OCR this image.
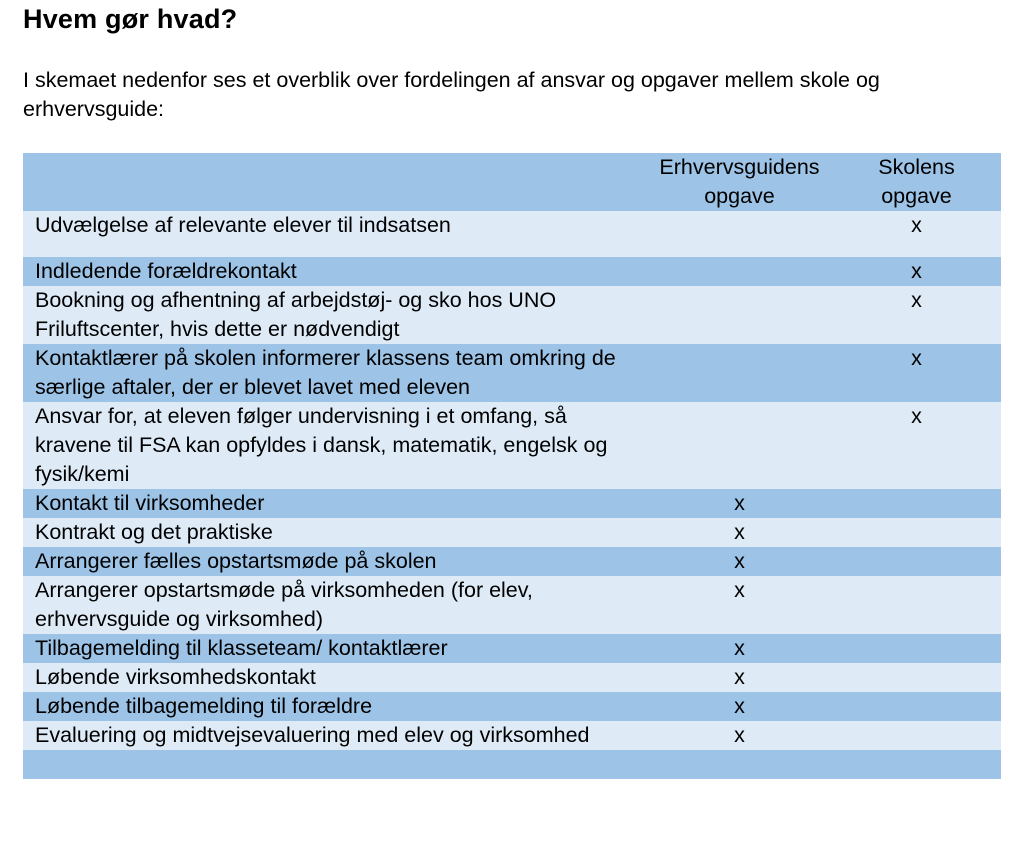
Hvem gør hvad?

I skemaet nedenfor ses et overblik over fordelingen af ansvar og opgaver mellem skole og erhvervsguide:

	Erhvervsguidens opgave	Skolens opgave
Udvælgelse af relevante elever til indsatsen		x
Indledende forældrekontakt		x
Bookning og afhentning af arbejdstøj- og sko hos UNO Friluftscenter, hvis dette er nødvendigt		x
Kontaktlærer på skolen informerer klassens team omkring de særlige aftaler, der er blevet lavet med eleven		x
Ansvar for, at eleven følger undervisning i et omfang, så kravene til FSA kan opfyldes i dansk, matematik, engelsk og fysik/kemi		x
Kontakt til virksomheder	x	
Kontrakt og det praktiske	x	
Arrangerer fælles opstartsmøde på skolen	x	
Arrangerer opstartsmøde på virksomheden (for elev, erhvervsguide og virksomhed)	x	
Tilbagemelding til klasseteam/ kontaktlærer	x	
Løbende virksomhedskontakt	x	
Løbende tilbagemelding til forældre	x	
Evaluering og midtvejsevaluering med elev og virksomhed	x	
